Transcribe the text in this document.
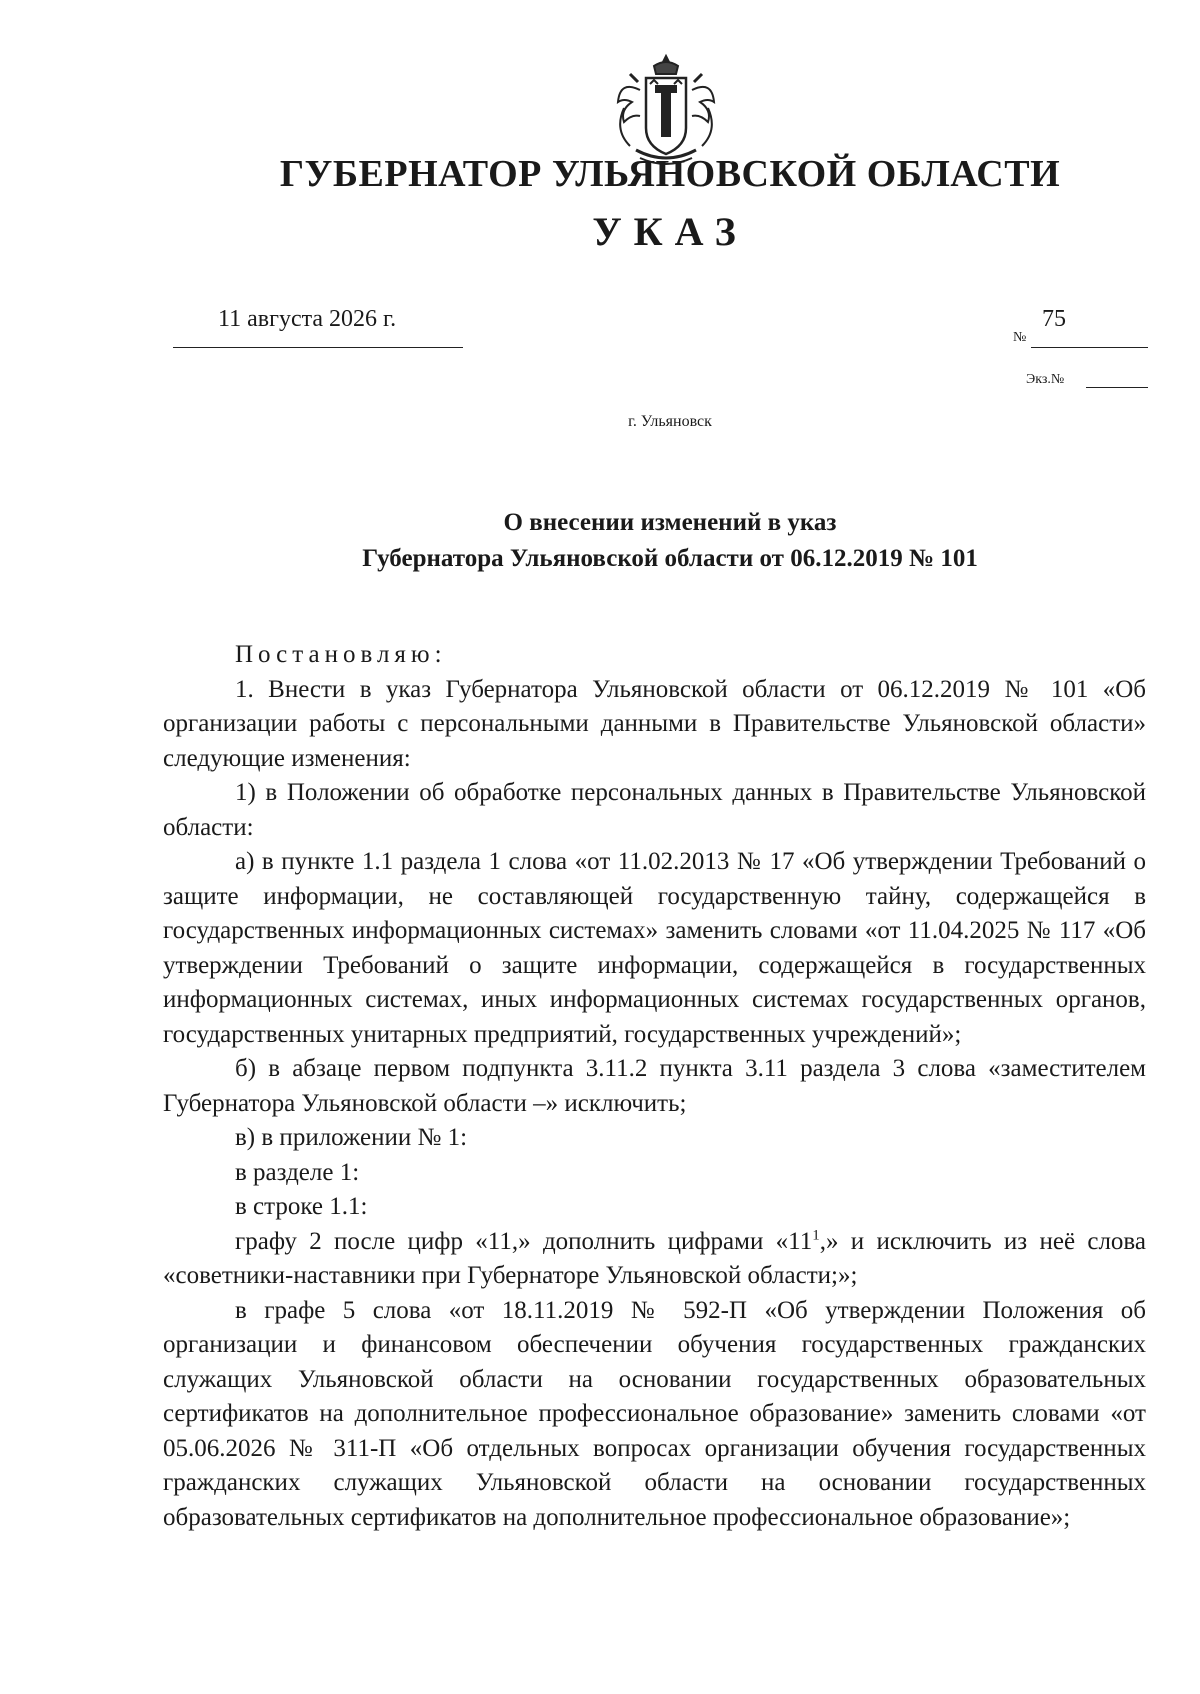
ГУБЕРНАТОР УЛЬЯНОВСКОЙ ОБЛАСТИ
УКАЗ
11 августа 2026 г.
№
75
Экз.№
г. Ульяновск
О внесении изменений в указ
Губернатора Ульяновской области от 06.12.2019 № 101

Постановляю:

1. Внести в указ Губернатора Ульяновской области от 06.12.2019 № 101 «Об организации работы с персональными данными в Правительстве Ульяновской области» следующие изменения:

1) в Положении об обработке персональных данных в Правительстве Ульяновской области:

а) в пункте 1.1 раздела 1 слова «от 11.02.2013 № 17 «Об утверждении Требований о защите информации, не составляющей государственную тайну, содержащейся в государственных информационных системах» заменить словами «от 11.04.2025 № 117 «Об утверждении Требований о защите информации, содержащейся в государственных информационных системах, иных информационных системах государственных органов, государственных унитарных предприятий, государственных учреждений»;

б) в абзаце первом подпункта 3.11.2 пункта 3.11 раздела 3 слова «заместителем Губернатора Ульяновской области –» исключить;

в) в приложении № 1:

в разделе 1:

в строке 1.1:

графу 2 после цифр «11,» дополнить цифрами «$11^1$,» и исключить из неё слова «советники-наставники при Губернаторе Ульяновской области;»;

в графе 5 слова «от 18.11.2019 № 592-П «Об утверждении Положения об организации и финансовом обеспечении обучения государственных гражданских служащих Ульяновской области на основании государственных образовательных сертификатов на дополнительное профессиональное образование» заменить словами «от 05.06.2026 № 311-П «Об отдельных вопросах организации обучения государственных гражданских служащих Ульяновской области на основании государственных образовательных сертификатов на дополнительное профессиональное образование»;
